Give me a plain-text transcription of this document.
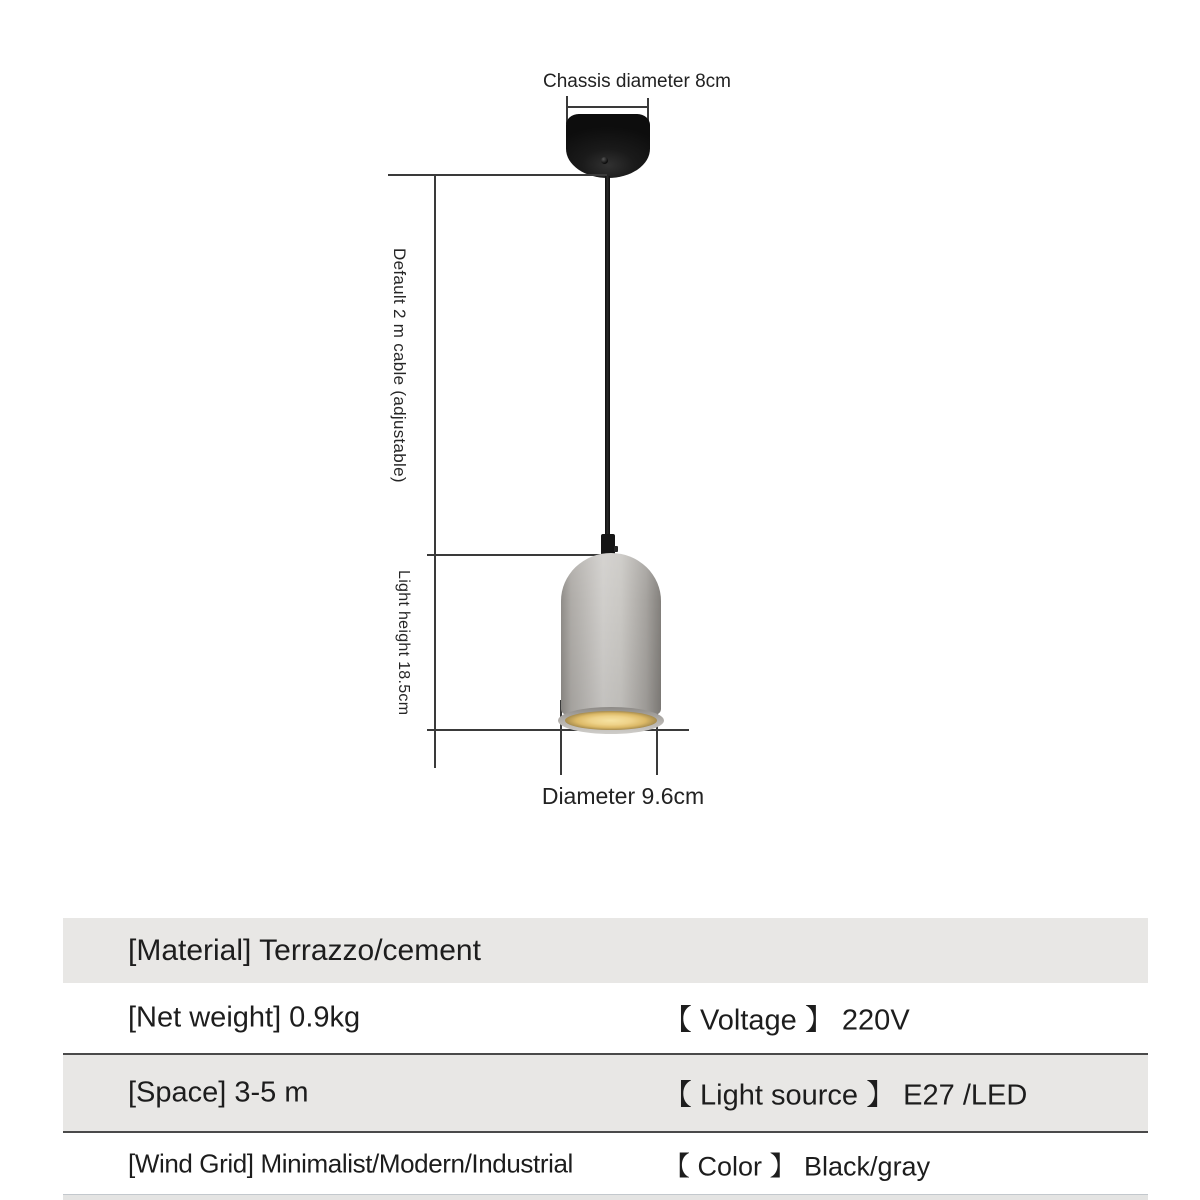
Chassis diameter 8cm
Default 2 m cable (adjustable)
Light height 18.5cm
Diameter 9.6cm
[Material] Terrazzo/cement
[Net weight] 0.9kg	【 Voltage 】 220V
[Space] 3-5 m	【 Light source 】 E27 /LED
[Wind Grid] Minimalist/Modern/Industrial	【 Color 】 Black/gray
